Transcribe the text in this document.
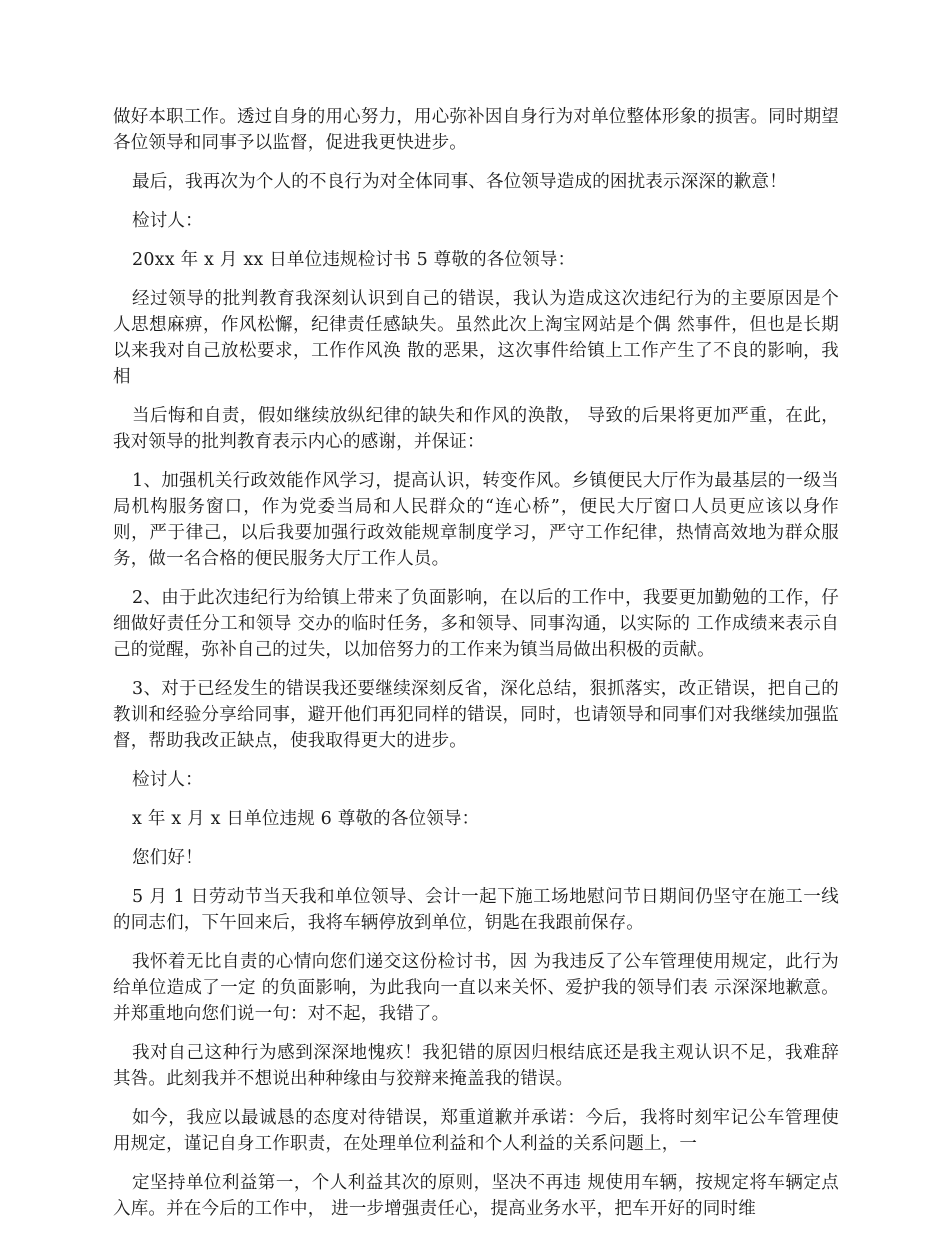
做好本职工作。透过自身的用心努力，用心弥补因自身行为对单位整体形象的损害。同时期望各位领导和同事予以监督，促进我更快进步。

最后，我再次为个人的不良行为对全体同事、各位领导造成的困扰表示深深的歉意！

检讨人：

20xx 年 x 月 xx 日单位违规检讨书 5 尊敬的各位领导：

经过领导的批判教育我深刻认识到自己的错误，我认为造成这次违纪行为的主要原因是个人思想麻痹，作风松懈，纪律责任感缺失。虽然此次上淘宝网站是个偶 然事件，但也是长期以来我对自己放松要求，工作作风涣 散的恶果，这次事件给镇上工作产生了不良的影响，我相

当后悔和自责，假如继续放纵纪律的缺失和作风的涣散， 导致的后果将更加严重，在此，我对领导的批判教育表示内心的感谢，并保证：

1、加强机关行政效能作风学习，提高认识，转变作风。乡镇便民大厅作为最基层的一级当局机构服务窗口，作为党委当局和人民群众的“连心桥”，便民大厅窗口人员更应该以身作则，严于律己，以后我要加强行政效能规章制度学习，严守工作纪律，热情高效地为群众服务，做一名合格的便民服务大厅工作人员。

2、由于此次违纪行为给镇上带来了负面影响，在以后的工作中，我要更加勤勉的工作，仔细做好责任分工和领导 交办的临时任务，多和领导、同事沟通，以实际的 工作成绩来表示自己的觉醒，弥补自己的过失，以加倍努力的工作来为镇当局做出积极的贡献。

3、对于已经发生的错误我还要继续深刻反省，深化总结，狠抓落实，改正错误，把自己的教训和经验分享给同事，避开他们再犯同样的错误，同时，也请领导和同事们对我继续加强监督，帮助我改正缺点，使我取得更大的进步。

检讨人：

x 年 x 月 x 日单位违规 6 尊敬的各位领导：

您们好！

5 月 1 日劳动节当天我和单位领导、会计一起下施工场地慰问节日期间仍坚守在施工一线的同志们，下午回来后，我将车辆停放到单位，钥匙在我跟前保存。

我怀着无比自责的心情向您们递交这份检讨书，因 为我违反了公车管理使用规定，此行为给单位造成了一定 的负面影响，为此我向一直以来关怀、爱护我的领导们表 示深深地歉意。并郑重地向您们说一句：对不起，我错了。

我对自己这种行为感到深深地愧疚！我犯错的原因归根结底还是我主观认识不足，我难辞其咎。此刻我并不想说出种种缘由与狡辩来掩盖我的错误。

如今，我应以最诚恳的态度对待错误，郑重道歉并承诺：今后，我将时刻牢记公车管理使用规定，谨记自身工作职责，在处理单位利益和个人利益的关系问题上，一

定坚持单位利益第一，个人利益其次的原则，坚决不再违 规使用车辆，按规定将车辆定点入库。并在今后的工作中， 进一步增强责任心，提高业务水平，把车开好的同时维
